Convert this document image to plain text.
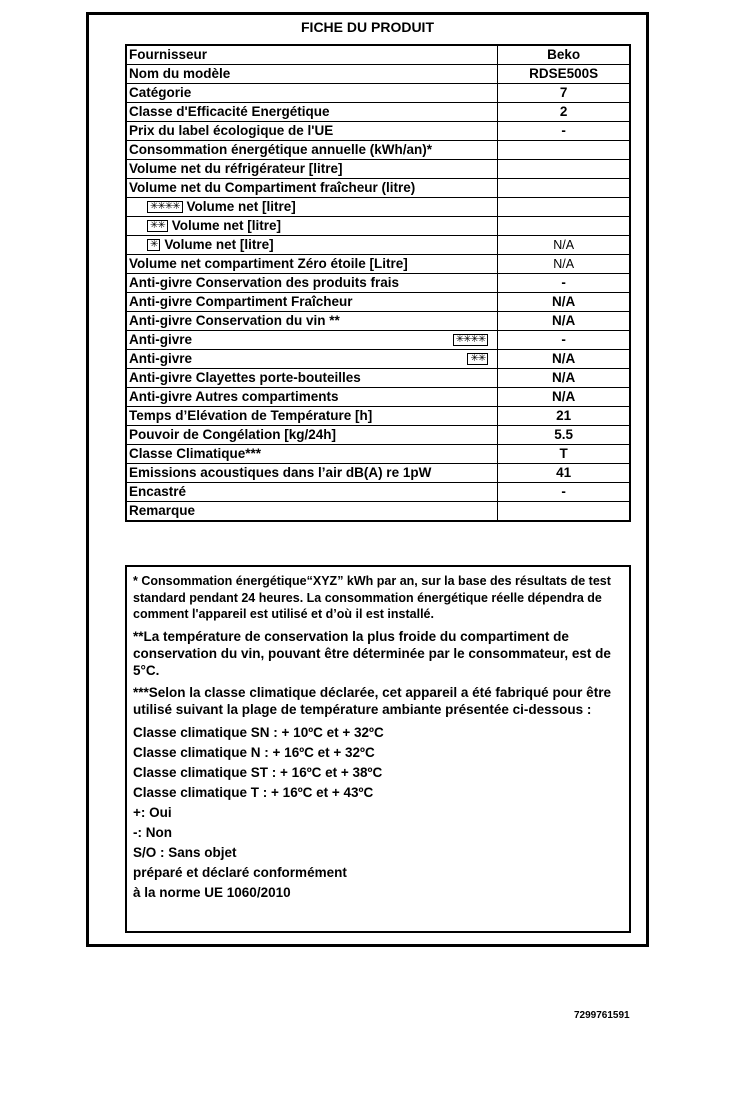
FICHE DU PRODUIT
Fournisseur	Beko
Nom du modèle	RDSE500S
Catégorie	7
Classe d'Efficacité Energétique	2
Prix du label écologique de l'UE	-
Consommation énergétique annuelle (kWh/an)*	
Volume net du réfrigérateur [litre]	
Volume net du Compartiment fraîcheur (litre)	
✳✳✳✳ Volume net [litre]	
✳✳ Volume net [litre]	
✳ Volume net [litre]	N/A
Volume net compartiment Zéro étoile [Litre]	N/A
Anti-givre Conservation des produits frais	-
Anti-givre Compartiment Fraîcheur	N/A
Anti-givre Conservation du vin **	N/A
Anti-givre ✳✳✳✳	-
Anti-givre ✳✳	N/A
Anti-givre Clayettes porte-bouteilles	N/A
Anti-givre Autres compartiments	N/A
Temps d’Elévation de Température [h]	21
Pouvoir de Congélation [kg/24h]	5.5
Classe Climatique***	T
Emissions acoustiques dans l’air dB(A) re 1pW	41
Encastré	-
Remarque	

* Consommation énergétique“XYZ” kWh par an, sur la base des résultats de test standard pendant 24 heures. La consommation énergétique réelle dépendra de comment l'appareil est utilisé et d’où il est installé.

**La température de conservation la plus froide du compartiment de conservation du vin, pouvant être déterminée par le consommateur, est de 5°C.

***Selon la classe climatique déclarée, cet appareil a été fabriqué pour être utilisé suivant la plage de température ambiante présentée ci-dessous :

Classe climatique SN : + 10ºC et + 32ºC

Classe climatique N : + 16ºC et + 32ºC

Classe climatique ST : + 16ºC et + 38ºC

Classe climatique T : + 16ºC et + 43ºC

+: Oui

-: Non

S/O : Sans objet

préparé et déclaré conformément

à la norme UE 1060/2010

7299761591
